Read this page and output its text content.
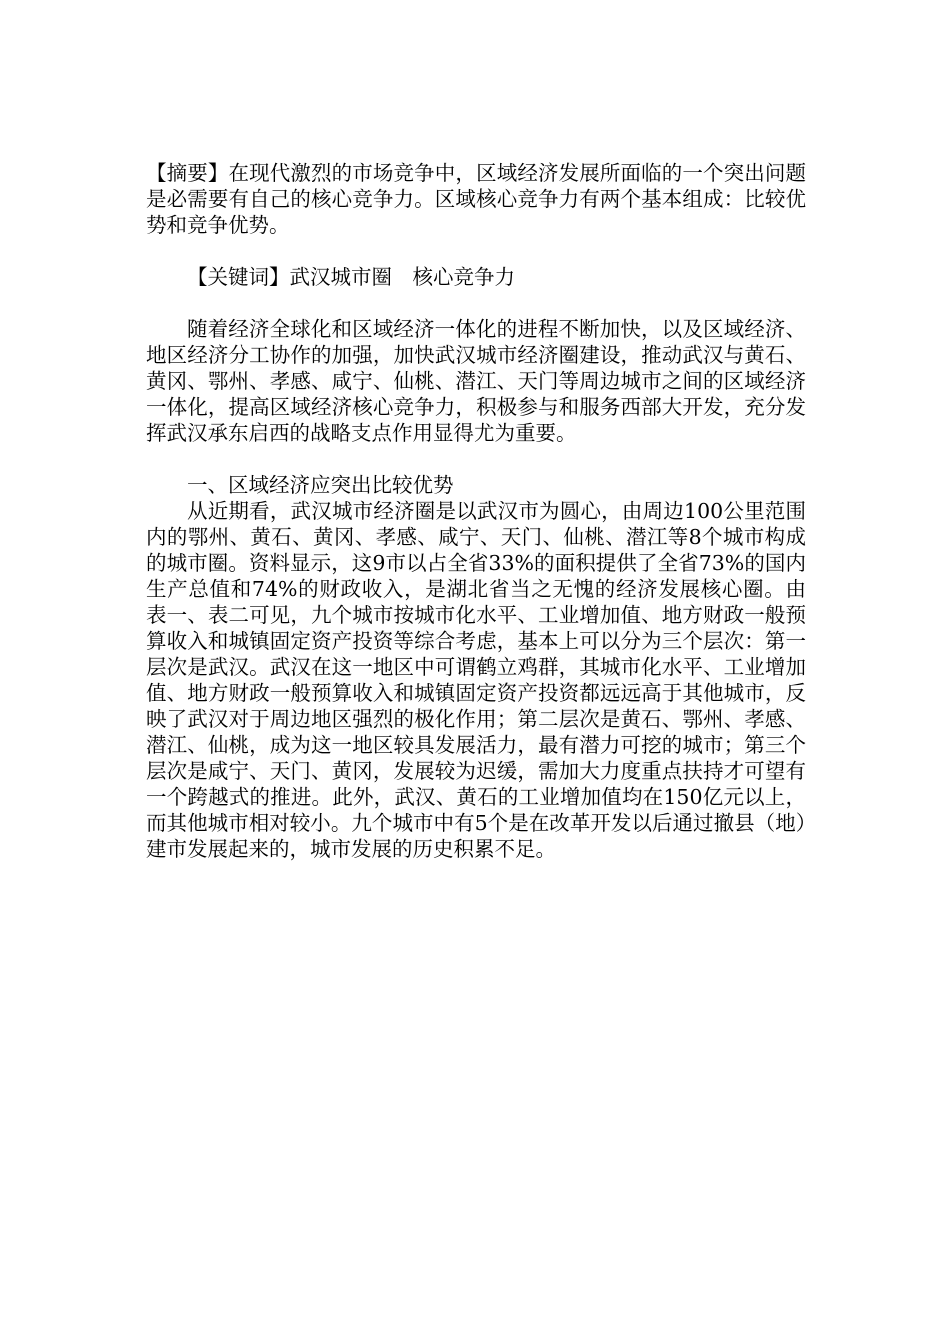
【摘要】在现代激烈的市场竞争中，区域经济发展所面临的一个突出问题是必需要有自己的核心竞争力。区域核心竞争力有两个基本组成：比较优势和竞争优势。

【关键词】武汉城市圈　核心竞争力

随着经济全球化和区域经济一体化的进程不断加快，以及区域经济、地区经济分工协作的加强，加快武汉城市经济圈建设，推动武汉与黄石、黄冈、鄂州、孝感、咸宁、仙桃、潜江、天门等周边城市之间的区域经济一体化，提高区域经济核心竞争力，积极参与和服务西部大开发，充分发挥武汉承东启西的战略支点作用显得尤为重要。

一、区域经济应突出比较优势

从近期看，武汉城市经济圈是以武汉市为圆心，由周边100公里范围内的鄂州、黄石、黄冈、孝感、咸宁、天门、仙桃、潜江等8个城市构成的城市圈。资料显示，这9市以占全省33%的面积提供了全省73%的国内生产总值和74%的财政收入，是湖北省当之无愧的经济发展核心圈。由表一、表二可见，九个城市按城市化水平、工业增加值、地方财政一般预算收入和城镇固定资产投资等综合考虑，基本上可以分为三个层次：第一层次是武汉。武汉在这一地区中可谓鹤立鸡群，其城市化水平、工业增加值、地方财政一般预算收入和城镇固定资产投资都远远高于其他城市，反映了武汉对于周边地区强烈的极化作用；第二层次是黄石、鄂州、孝感、潜江、仙桃，成为这一地区较具发展活力，最有潜力可挖的城市；第三个层次是咸宁、天门、黄冈，发展较为迟缓，需加大力度重点扶持才可望有一个跨越式的推进。此外，武汉、黄石的工业增加值均在150亿元以上，而其他城市相对较小。九个城市中有5个是在改革开发以后通过撤县（地）建市发展起来的，城市发展的历史积累不足。
